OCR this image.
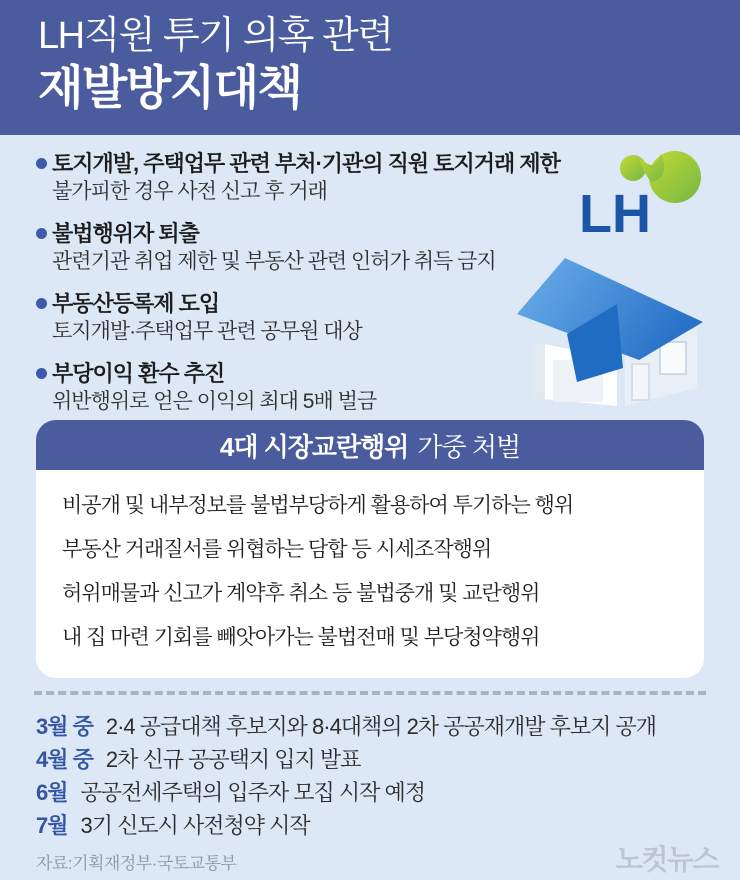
LH직원 투기 의혹 관련
재발방지대책
토지개발, 주택업무 관련 부처·기관의 직원 토지거래 제한
불가피한 경우 사전 신고 후 거래
불법행위자 퇴출
관련기관 취업 제한 및 부동산 관련 인허가 취득 금지
부동산등록제 도입
토지개발·주택업무 관련 공무원 대상
부당이익 환수 추진
위반행위로 얻은 이익의 최대 5배 벌금
LH
4대 시장교란행위 가중 처벌
비공개 및 내부정보를 불법부당하게 활용하여 투기하는 행위
부동산 거래질서를 위협하는 담합 등 시세조작행위
허위매물과 신고가 계약후 취소 등 불법중개 및 교란행위
내 집 마련 기회를 빼앗아가는 불법전매 및 부당청약행위
3월 중 2·4 공급대책 후보지와 8·4대책의 2차 공공재개발 후보지 공개
4월 중 2차 신규 공공택지 입지 발표
6월 공공전세주택의 입주자 모집 시작 예정
7월 3기 신도시 사전청약 시작
자료:기획재정부·국토교통부	노컷뉴스
